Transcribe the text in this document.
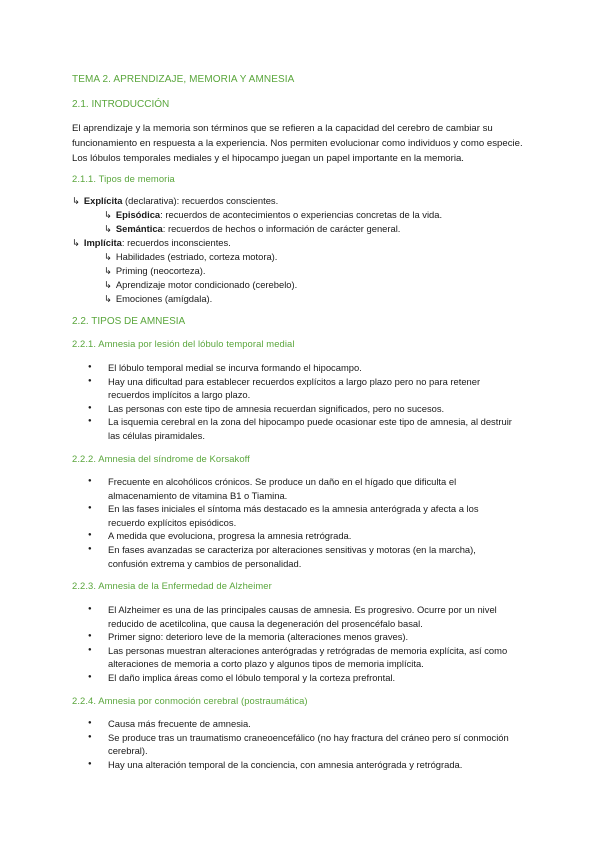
TEMA 2. APRENDIZAJE, MEMORIA Y AMNESIA
2.1. INTRODUCCIÓN
El aprendizaje y la memoria son términos que se refieren a la capacidad del cerebro de cambiar su funcionamiento en respuesta a la experiencia. Nos permiten evolucionar como individuos y como especie. Los lóbulos temporales mediales y el hipocampo juegan un papel importante en la memoria.
2.1.1. Tipos de memoria
↳ Explícita (declarativa): recuerdos conscientes.
↳ Episódica: recuerdos de acontecimientos o experiencias concretas de la vida.
↳ Semántica: recuerdos de hechos o información de carácter general.
↳ Implícita: recuerdos inconscientes.
↳ Habilidades (estriado, corteza motora).
↳ Priming (neocorteza).
↳ Aprendizaje motor condicionado (cerebelo).
↳ Emociones (amígdala).
2.2. TIPOS DE AMNESIA
2.2.1. Amnesia por lesión del lóbulo temporal medial
● El lóbulo temporal medial se incurva formando el hipocampo.
● Hay una dificultad para establecer recuerdos explícitos a largo plazo pero no para retener recuerdos implícitos a largo plazo.
● Las personas con este tipo de amnesia recuerdan significados, pero no sucesos.
● La isquemia cerebral en la zona del hipocampo puede ocasionar este tipo de amnesia, al destruir las células piramidales.
2.2.2. Amnesia del síndrome de Korsakoff
● Frecuente en alcohólicos crónicos. Se produce un daño en el hígado que dificulta el almacenamiento de vitamina B1 o Tiamina.
● En las fases iniciales el síntoma más destacado es la amnesia anterógrada y afecta a los recuerdo explícitos episódicos.
● A medida que evoluciona, progresa la amnesia retrógrada.
● En fases avanzadas se caracteriza por alteraciones sensitivas y motoras (en la marcha), confusión extrema y cambios de personalidad.
2.2.3. Amnesia de la Enfermedad de Alzheimer
● El Alzheimer es una de las principales causas de amnesia. Es progresivo. Ocurre por un nivel reducido de acetilcolina, que causa la degeneración del prosencéfalo basal.
● Primer signo: deterioro leve de la memoria (alteraciones menos graves).
● Las personas muestran alteraciones anterógradas y retrógradas de memoria explícita, así como alteraciones de memoria a corto plazo y algunos tipos de memoria implícita.
● El daño implica áreas como el lóbulo temporal y la corteza prefrontal.
2.2.4. Amnesia por conmoción cerebral (postraumática)
● Causa más frecuente de amnesia.
● Se produce tras un traumatismo craneoencefálico (no hay fractura del cráneo pero sí conmoción cerebral).
● Hay una alteración temporal de la conciencia, con amnesia anterógrada y retrógrada.
